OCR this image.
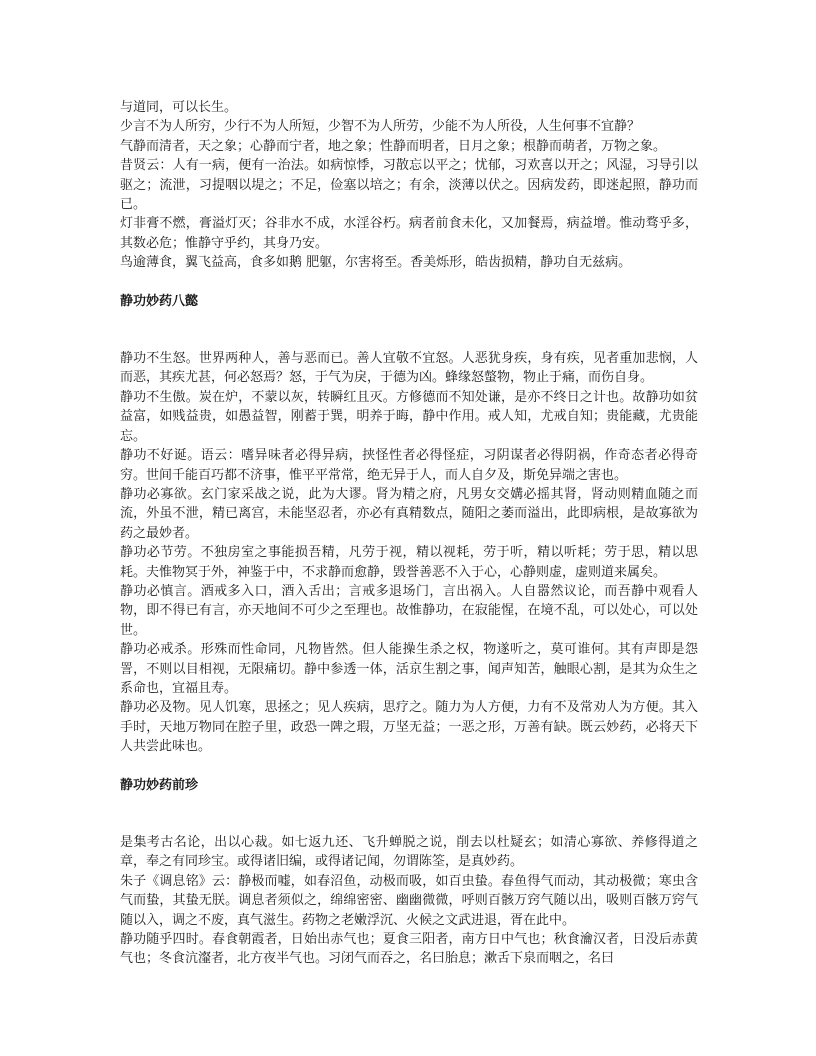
与道同，可以长生。

少言不为人所穷，少行不为人所短，少智不为人所劳，少能不为人所役，人生何事不宜静？

气静而清者，天之象；心静而宁者，地之象；性静而明者，日月之象；根静而萌者，万物之象。

昔贤云：人有一病，便有一治法。如病惊悸，习散忘以平之；忧郁，习欢喜以开之；风湿，习导引以驱之；流泄，习提咽以堤之；不足，俭塞以培之；有余，淡薄以伏之。因病发药，即迷起照，静功而已。

灯非膏不燃，膏溢灯灭；谷非水不成，水淫谷朽。病者前食未化，又加餐焉，病益增。惟动骛乎多，其数必危；惟静守乎约，其身乃安。

鸟逾薄食，翼飞益高，食多如鹅 肥躯，尔害将至。香美烁形，皓齿损精，静功自无兹病。

静功妙药八懿

静功不生怒。世界两种人，善与恶而已。善人宜敬不宜怒。人恶犹身疾，身有疾，见者重加悲悯，人而恶，其疾尤甚，何必怒焉？怒，于气为戾，于德为凶。蜂缘怒螫物，物止于痛，而伤自身。

静功不生傲。炭在炉，不蒙以灰，转瞬红且灭。方修德而不知处谦，是亦不终日之计也。故静功如贫益富，如贱益贵，如愚益智，刚蓄于巽，明养于晦，静中作用。戒人知，尤戒自知；贵能藏，尤贵能忘。

静功不好诞。语云：嗜异味者必得异病，挟怪性者必得怪症，习阴谋者必得阴祸，作奇态者必得奇穷。世间千能百巧都不济事，惟平平常常，绝无异于人，而人自夕及，斯免异端之害也。

静功必寡欲。玄门家采战之说，此为大谬。肾为精之府，凡男女交媾必摇其肾，肾动则精血随之而流，外虽不泄，精已离宫，未能坚忍者，亦必有真精数点，随阳之萎而溢出，此即病根，是故寡欲为药之最妙者。

静功必节劳。不独房室之事能损吾精，凡劳于视，精以视耗，劳于听，精以听耗；劳于思，精以思耗。夫惟物冥于外，神鉴于中，不求静而愈静，毁誉善恶不入于心，心静则虚，虚则道来属矣。

静功必慎言。酒戒多入口，酒入舌出；言戒多退场门，言出祸入。人自嚣然议论，而吾静中观看人物，即不得已有言，亦天地间不可少之至理也。故惟静功，在寂能惺，在境不乱，可以处心，可以处世。

静功必戒杀。形殊而性命同，凡物皆然。但人能操生杀之权，物遂听之，莫可谁何。其有声即是怨詈，不则以目相视，无限痛切。静中参透一体，活京生割之事，闻声知苦，触眼心割，是其为众生之系命也，宜福且寿。

静功必及物。见人饥寒，思拯之；见人疾病，思疗之。随力为人方便，力有不及常劝人为方便。其入手时，天地万物同在腔子里，政恐一陴之瑕，万坚无益；一恶之形，万善有缺。既云妙药，必将天下人共尝此味也。

静功妙药前珍

是集考古名论，出以心裁。如七返九还、飞升蝉脱之说，削去以杜疑玄；如清心寡欲、养修得道之章，奉之有同珍宝。或得诸旧编，或得诸记闻，勿谓陈筌，是真妙药。

朱子《调息铭》云：静极而嘘，如春沼鱼，动极而吸，如百虫蛰。春鱼得气而动，其动极微；寒虫含气而蛰，其蛰无朕。调息者须似之，绵绵密密、幽幽微微，呼则百骸万窍气随以出，吸则百骸万窍气随以入，调之不废，真气滋生。药物之老嫩浮沉、火候之文武进退，胥在此中。

静功随乎四时。春食朝霞者，日始出赤气也；夏食三阳者，南方日中气也；秋食瀹汉者，日没后赤黄气也；冬食沆瀣者，北方夜半气也。习闭气而吞之，名曰胎息；漱舌下泉而咽之，名曰
